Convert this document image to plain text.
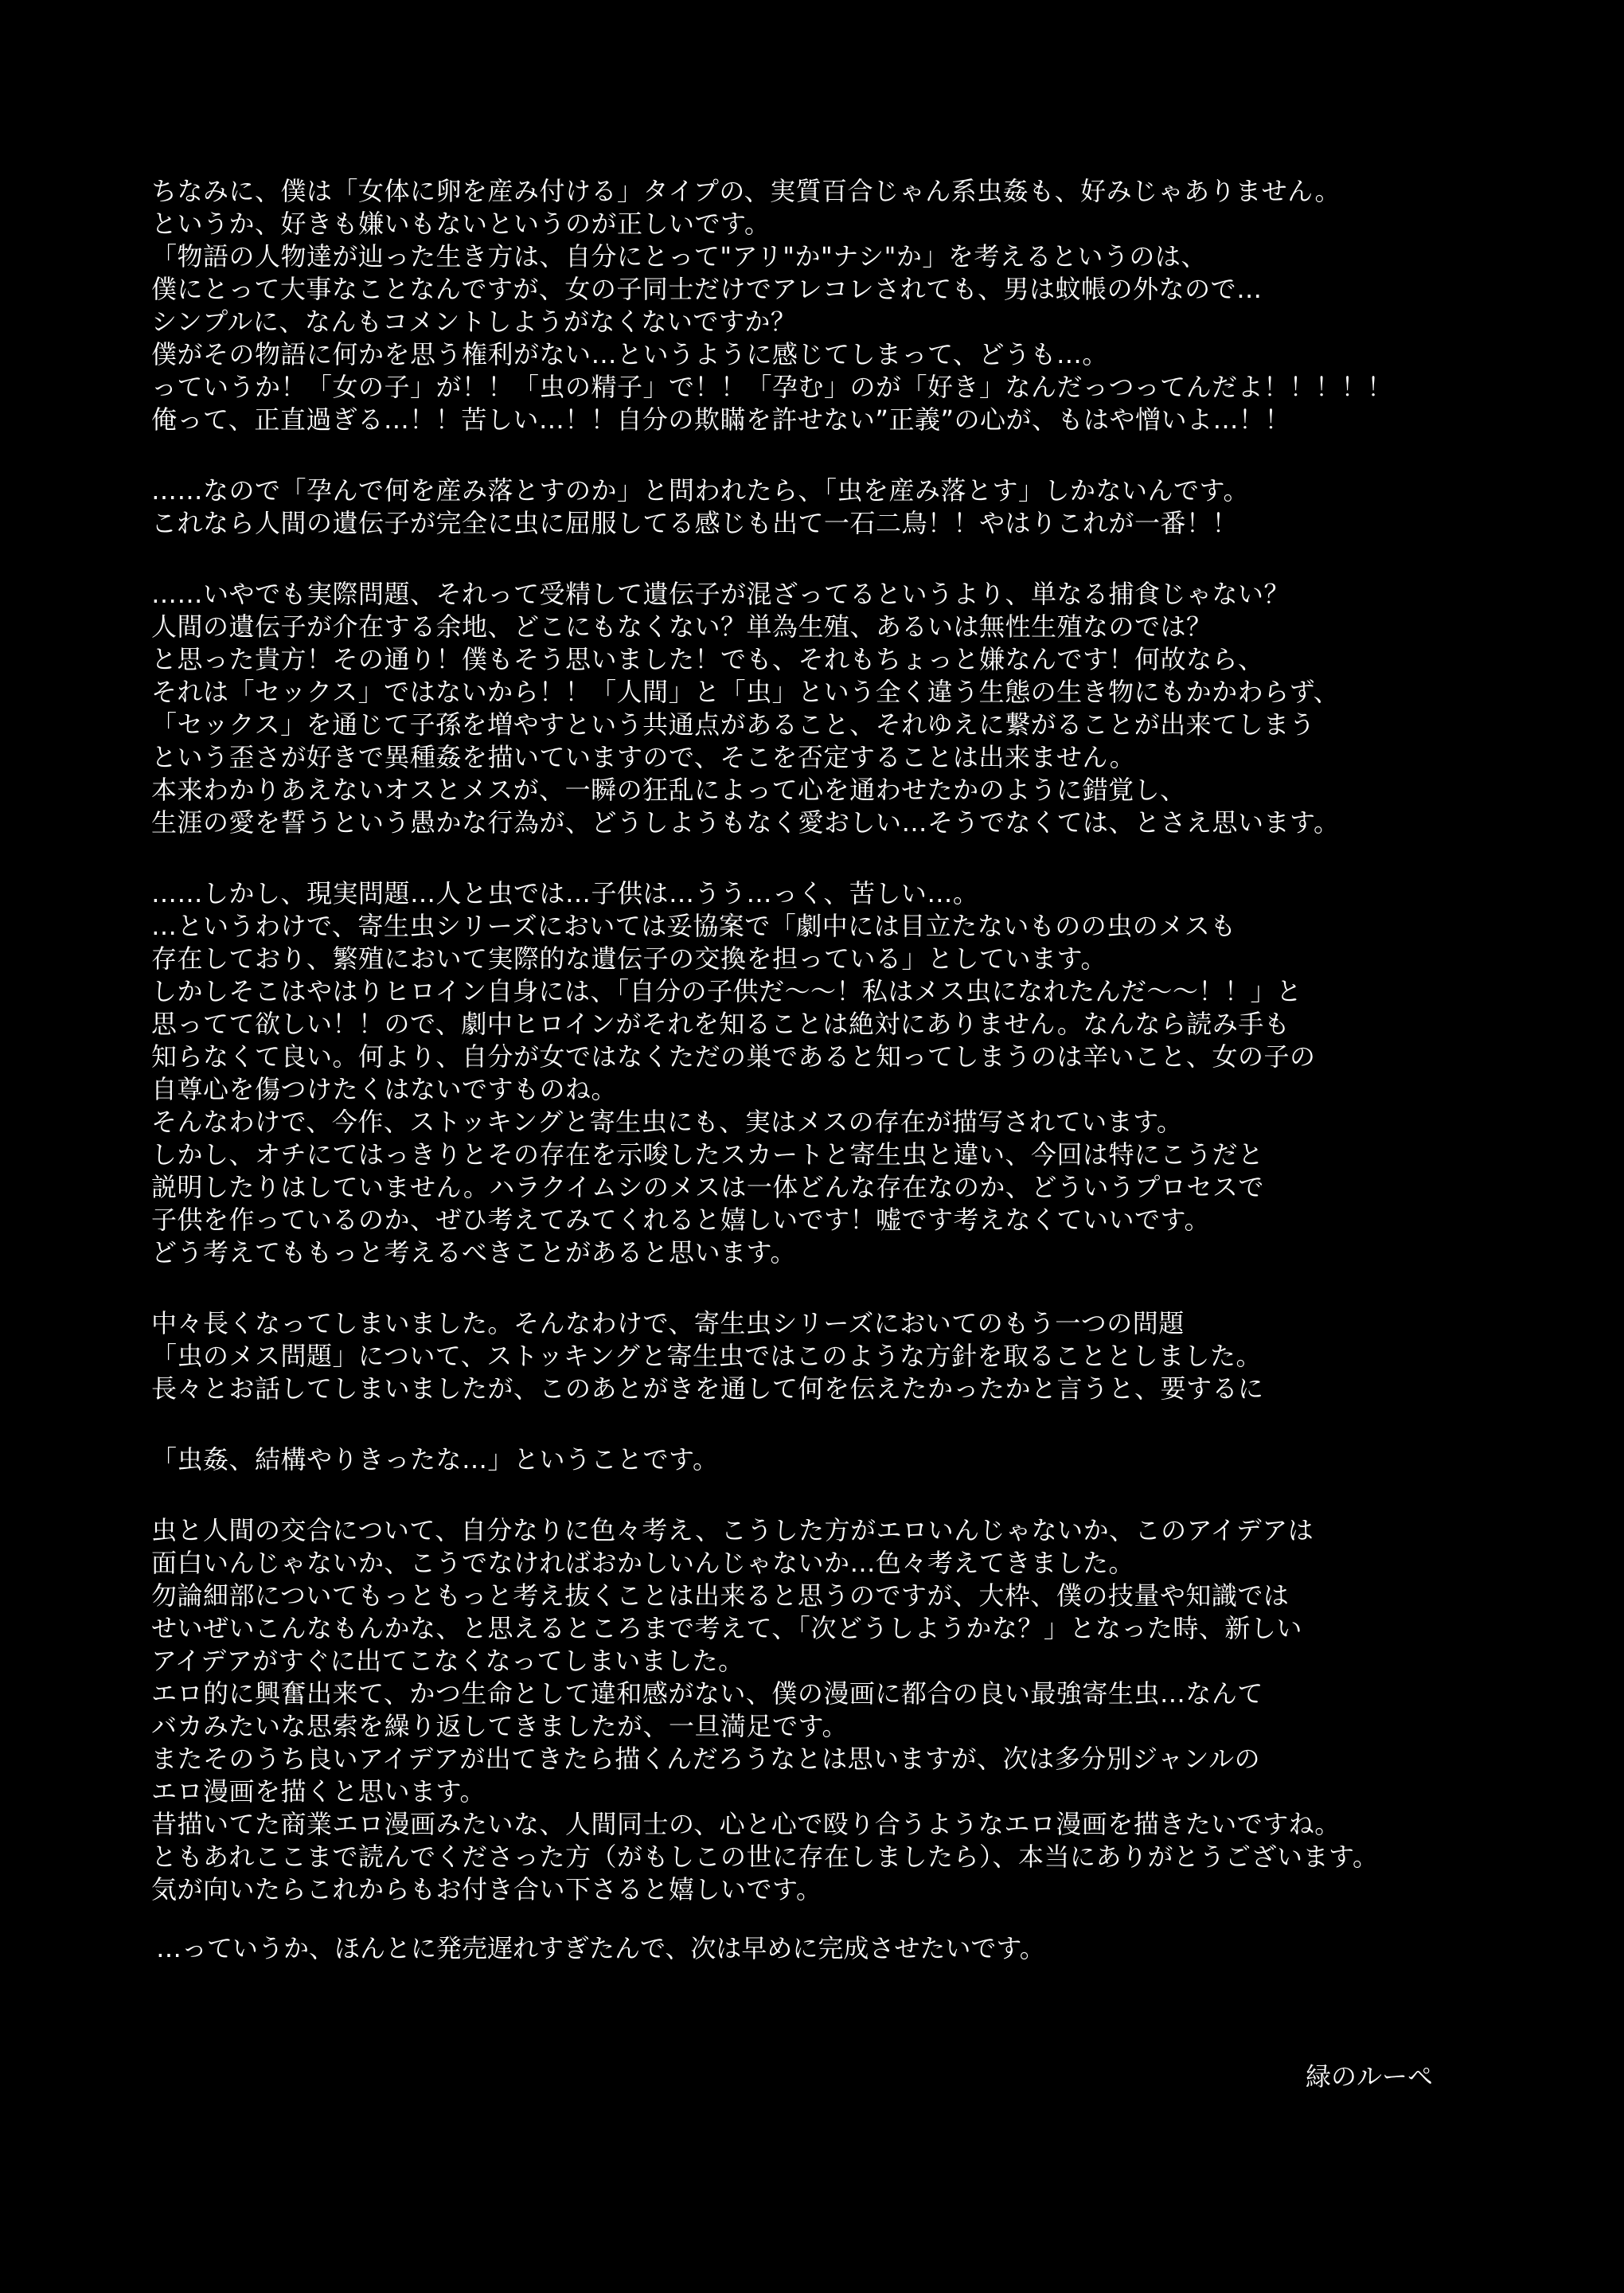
ちなみに、僕は「女体に卵を産み付ける」タイプの、実質百合じゃん系虫姦も、好みじゃありません。
というか、好きも嫌いもないというのが正しいです。
「物語の人物達が辿った生き方は、自分にとって"アリ"か"ナシ"か」を考えるというのは、
僕にとって大事なことなんですが、女の子同士だけでアレコレされても、男は蚊帳の外なので…
シンプルに、なんもコメントしようがなくないですか？
僕がその物語に何かを思う権利がない…というように感じてしまって、どうも…。
っていうか！「女の子」が！！「虫の精子」で！！「孕む」のが「好き」なんだっつってんだよ！！！！！
俺って、正直過ぎる…！！苦しい…！！自分の欺瞞を許せない”正義”の心が、もはや憎いよ…！！
……なので「孕んで何を産み落とすのか」と問われたら、「虫を産み落とす」しかないんです。
これなら人間の遺伝子が完全に虫に屈服してる感じも出て一石二鳥！！やはりこれが一番！！
……いやでも実際問題、それって受精して遺伝子が混ざってるというより、単なる捕食じゃない？
人間の遺伝子が介在する余地、どこにもなくない？単為生殖、あるいは無性生殖なのでは？
と思った貴方！その通り！僕もそう思いました！でも、それもちょっと嫌なんです！何故なら、
それは「セックス」ではないから！！「人間」と「虫」という全く違う生態の生き物にもかかわらず、
「セックス」を通じて子孫を増やすという共通点があること、それゆえに繋がることが出来てしまう
という歪さが好きで異種姦を描いていますので、そこを否定することは出来ません。
本来わかりあえないオスとメスが、一瞬の狂乱によって心を通わせたかのように錯覚し、
生涯の愛を誓うという愚かな行為が、どうしようもなく愛おしい…そうでなくては、とさえ思います。
……しかし、現実問題…人と虫では…子供は…うう…っく、苦しい…。
…というわけで、寄生虫シリーズにおいては妥協案で「劇中には目立たないものの虫のメスも
存在しており、繁殖において実際的な遺伝子の交換を担っている」としています。
しかしそこはやはりヒロイン自身には、「自分の子供だ〜〜！私はメス虫になれたんだ〜〜！！」と
思ってて欲しい！！ので、劇中ヒロインがそれを知ることは絶対にありません。なんなら読み手も
知らなくて良い。何より、自分が女ではなくただの巣であると知ってしまうのは辛いこと、女の子の
自尊心を傷つけたくはないですものね。
そんなわけで、今作、ストッキングと寄生虫にも、実はメスの存在が描写されています。
しかし、オチにてはっきりとその存在を示唆したスカートと寄生虫と違い、今回は特にこうだと
説明したりはしていません。ハラクイムシのメスは一体どんな存在なのか、どういうプロセスで
子供を作っているのか、ぜひ考えてみてくれると嬉しいです！嘘です考えなくていいです。
どう考えてももっと考えるべきことがあると思います。
中々長くなってしまいました。そんなわけで、寄生虫シリーズにおいてのもう一つの問題
「虫のメス問題」について、ストッキングと寄生虫ではこのような方針を取ることとしました。
長々とお話してしまいましたが、このあとがきを通して何を伝えたかったかと言うと、要するに
「虫姦、結構やりきったな…」ということです。
虫と人間の交合について、自分なりに色々考え、こうした方がエロいんじゃないか、このアイデアは
面白いんじゃないか、こうでなければおかしいんじゃないか…色々考えてきました。
勿論細部についてもっともっと考え抜くことは出来ると思うのですが、大枠、僕の技量や知識では
せいぜいこんなもんかな、と思えるところまで考えて、「次どうしようかな？」となった時、新しい
アイデアがすぐに出てこなくなってしまいました。
エロ的に興奮出来て、かつ生命として違和感がない、僕の漫画に都合の良い最強寄生虫…なんて
バカみたいな思索を繰り返してきましたが、一旦満足です。
またそのうち良いアイデアが出てきたら描くんだろうなとは思いますが、次は多分別ジャンルの
エロ漫画を描くと思います。
昔描いてた商業エロ漫画みたいな、人間同士の、心と心で殴り合うようなエロ漫画を描きたいですね。
ともあれここまで読んでくださった方（がもしこの世に存在しましたら）、本当にありがとうございます。
気が向いたらこれからもお付き合い下さると嬉しいです。
…っていうか、ほんとに発売遅れすぎたんで、次は早めに完成させたいです。
緑のルーペ
